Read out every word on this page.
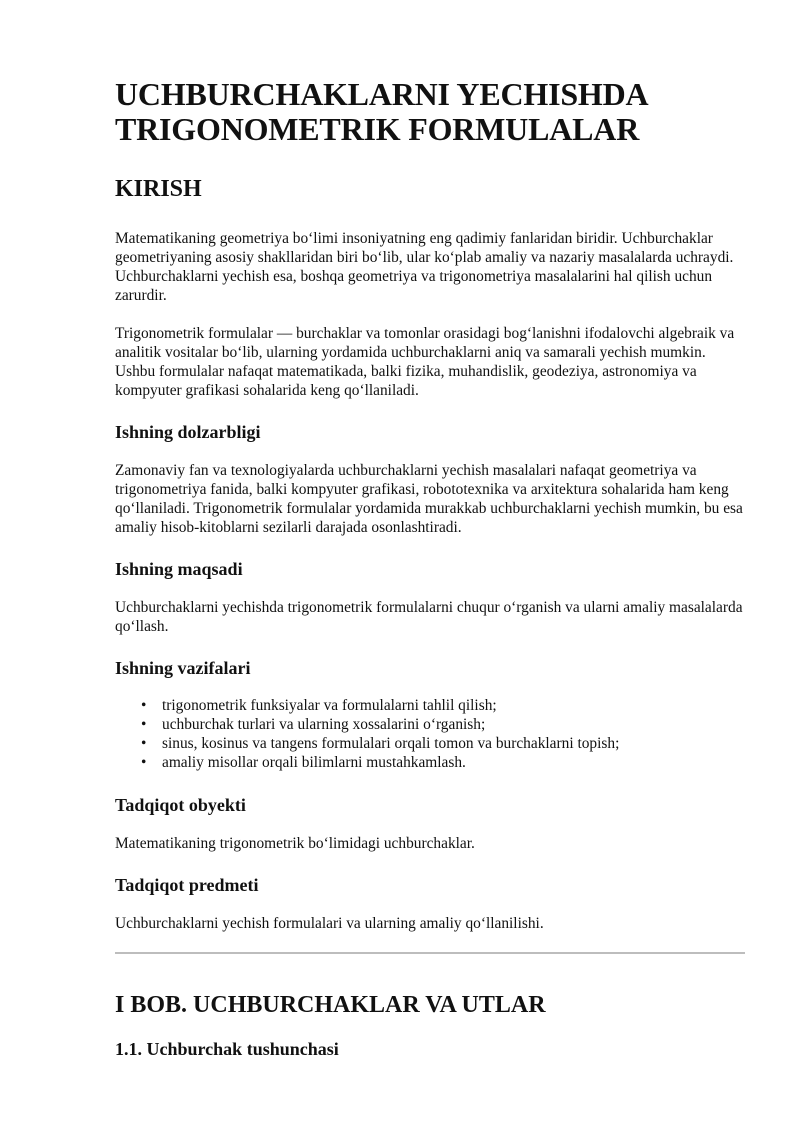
UCHBURCHAKLARNI YECHISHDA TRIGONOMETRIK FORMULALAR
KIRISH

Matematikaning geometriya bo‘limi insoniyatning eng qadimiy fanlaridan biridir. Uchburchaklar geometriyaning asosiy shakllaridan biri bo‘lib, ular ko‘plab amaliy va nazariy masalalarda uchraydi. Uchburchaklarni yechish esa, boshqa geometriya va trigonometriya masalalarini hal qilish uchun zarurdir.

Trigonometrik formulalar — burchaklar va tomonlar orasidagi bog‘lanishni ifodalovchi algebraik va analitik vositalar bo‘lib, ularning yordamida uchburchaklarni aniq va samarali yechish mumkin. Ushbu formulalar nafaqat matematikada, balki fizika, muhandislik, geodeziya, astronomiya va kompyuter grafikasi sohalarida keng qo‘llaniladi.

Ishning dolzarbligi

Zamonaviy fan va texnologiyalarda uchburchaklarni yechish masalalari nafaqat geometriya va trigonometriya fanida, balki kompyuter grafikasi, robototexnika va arxitektura sohalarida ham keng qo‘llaniladi. Trigonometrik formulalar yordamida murakkab uchburchaklarni yechish mumkin, bu esa amaliy hisob-kitoblarni sezilarli darajada osonlashtiradi.

Ishning maqsadi

Uchburchaklarni yechishda trigonometrik formulalarni chuqur o‘rganish va ularni amaliy masalalarda qo‘llash.

Ishning vazifalari
• trigonometrik funksiyalar va formulalarni tahlil qilish;
• uchburchak turlari va ularning xossalarini o‘rganish;
• sinus, kosinus va tangens formulalari orqali tomon va burchaklarni topish;
• amaliy misollar orqali bilimlarni mustahkamlash.
Tadqiqot obyekti

Matematikaning trigonometrik bo‘limidagi uchburchaklar.

Tadqiqot predmeti

Uchburchaklarni yechish formulalari va ularning amaliy qo‘llanilishi.

I BOB. UCHBURCHAKLAR VA UTLAR
1.1. Uchburchak tushunchasi
